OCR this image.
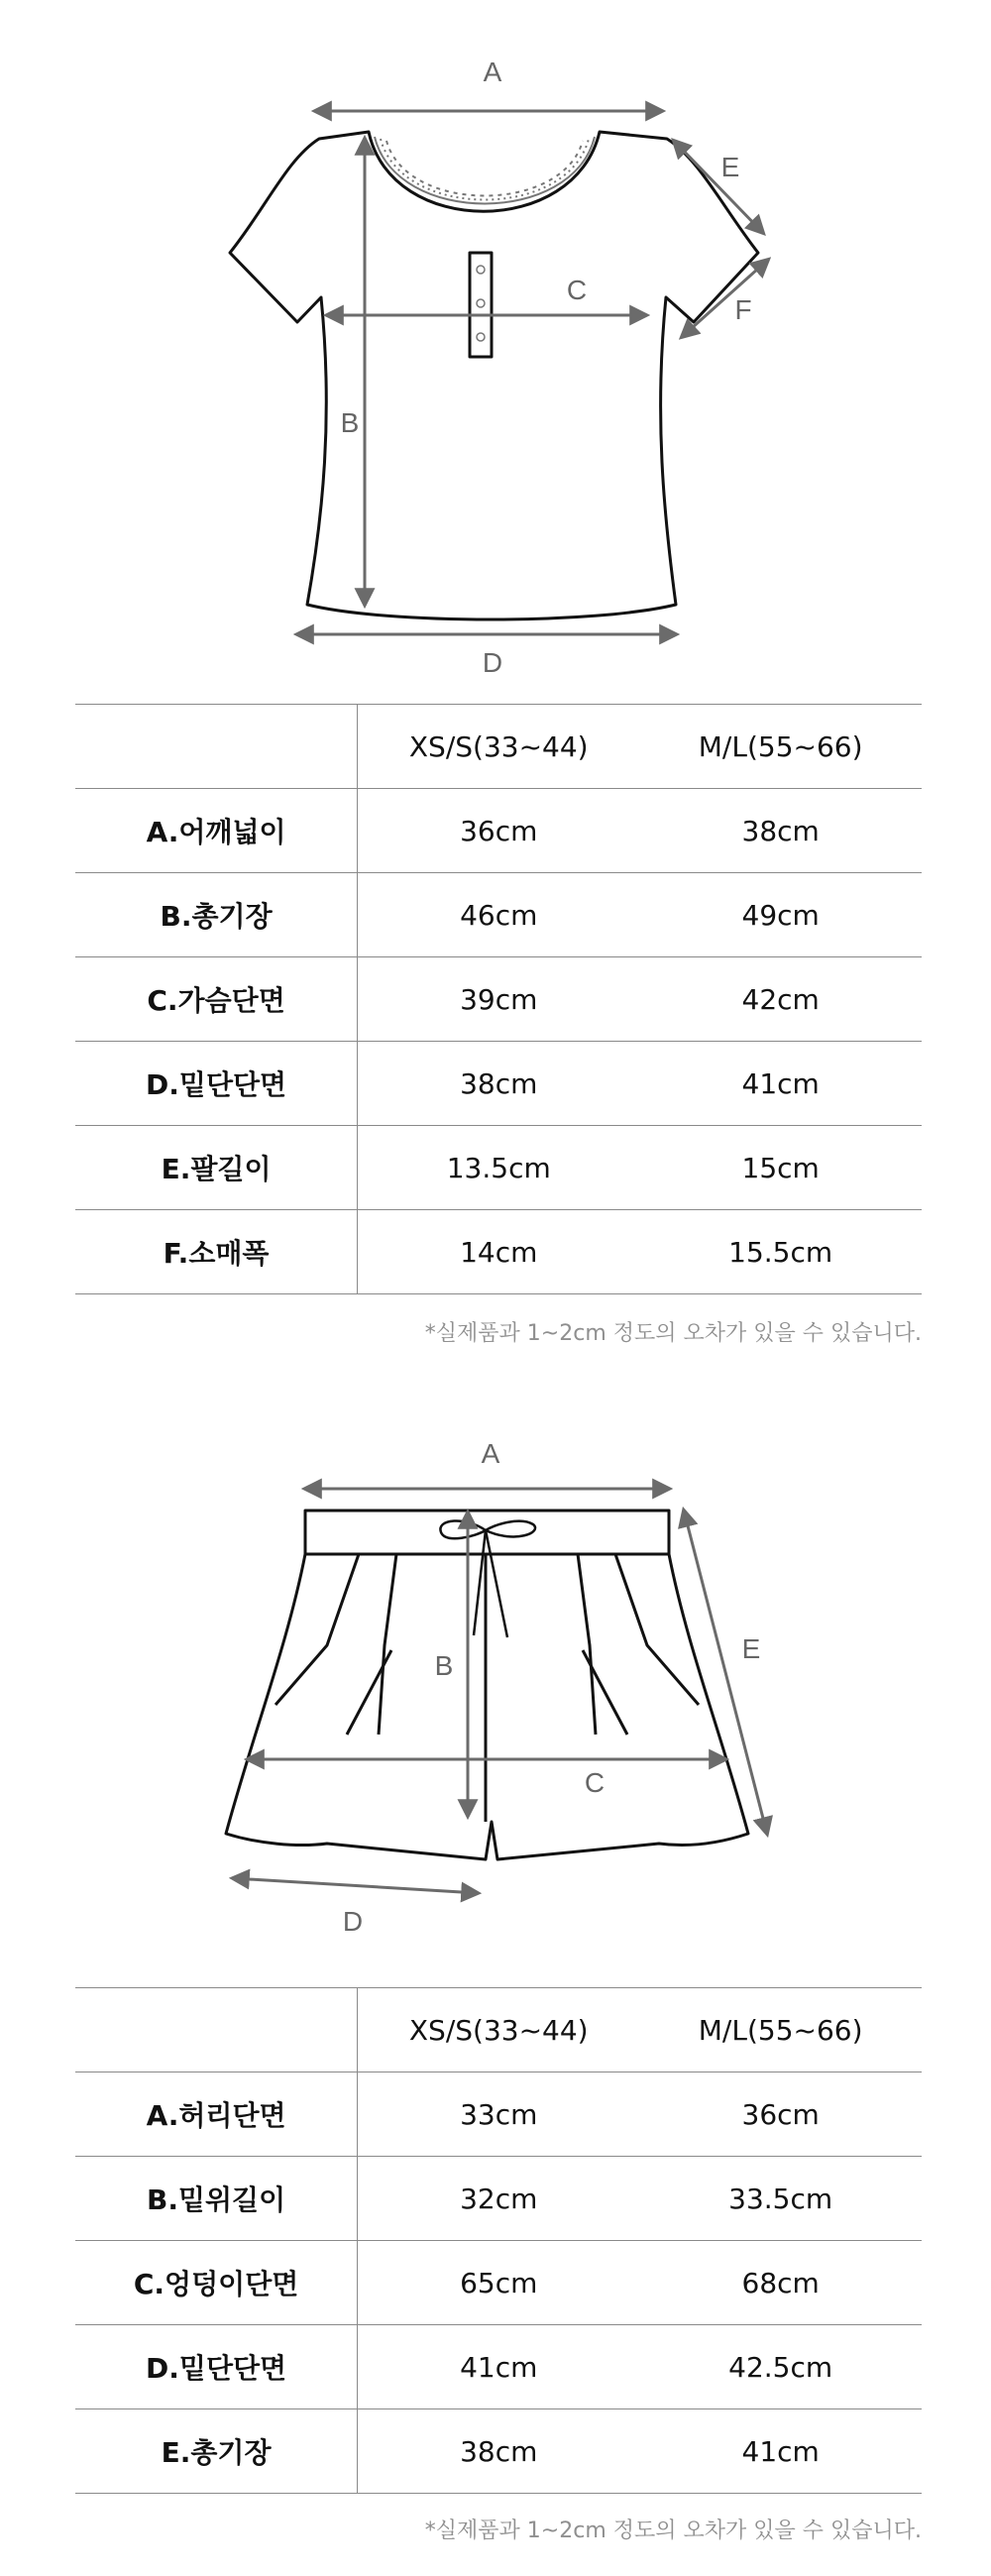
A
B
C
D
E
F
	XS/S(33~44)	M/L(55~66)
A.어깨넓이	36cm	38cm
B.총기장	46cm	49cm
C.가슴단면	39cm	42cm
D.밑단단면	38cm	41cm
E.팔길이	13.5cm	15cm
F.소매폭	14cm	15.5cm
*실제품과 1~2cm 정도의 오차가 있을 수 있습니다.
A
B
C
D
E
	XS/S(33~44)	M/L(55~66)
A.허리단면	33cm	36cm
B.밑위길이	32cm	33.5cm
C.엉덩이단면	65cm	68cm
D.밑단단면	41cm	42.5cm
E.총기장	38cm	41cm
*실제품과 1~2cm 정도의 오차가 있을 수 있습니다.
